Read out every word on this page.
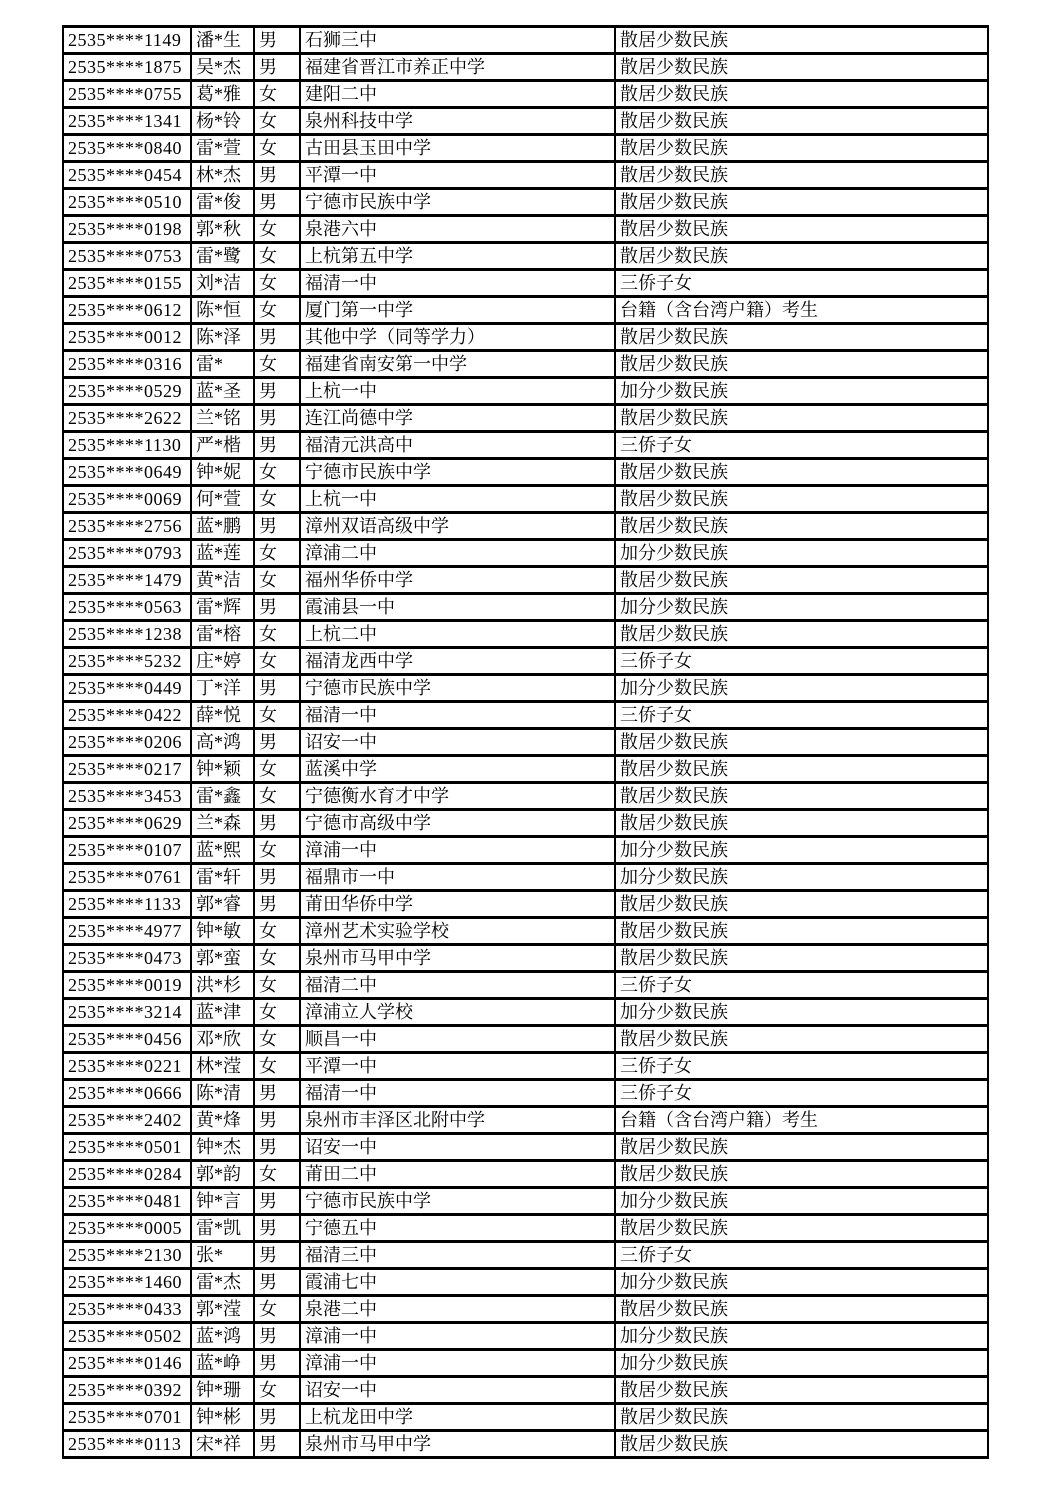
2535****1149	潘*生	男	石狮三中	散居少数民族
2535****1875	吴*杰	男	福建省晋江市养正中学	散居少数民族
2535****0755	葛*雅	女	建阳二中	散居少数民族
2535****1341	杨*铃	女	泉州科技中学	散居少数民族
2535****0840	雷*萱	女	古田县玉田中学	散居少数民族
2535****0454	林*杰	男	平潭一中	散居少数民族
2535****0510	雷*俊	男	宁德市民族中学	散居少数民族
2535****0198	郭*秋	女	泉港六中	散居少数民族
2535****0753	雷*鹭	女	上杭第五中学	散居少数民族
2535****0155	刘*洁	女	福清一中	三侨子女
2535****0612	陈*恒	女	厦门第一中学	台籍（含台湾户籍）考生
2535****0012	陈*泽	男	其他中学（同等学力）	散居少数民族
2535****0316	雷*	女	福建省南安第一中学	散居少数民族
2535****0529	蓝*圣	男	上杭一中	加分少数民族
2535****2622	兰*铭	男	连江尚德中学	散居少数民族
2535****1130	严*楷	男	福清元洪高中	三侨子女
2535****0649	钟*妮	女	宁德市民族中学	散居少数民族
2535****0069	何*萱	女	上杭一中	散居少数民族
2535****2756	蓝*鹏	男	漳州双语高级中学	散居少数民族
2535****0793	蓝*莲	女	漳浦二中	加分少数民族
2535****1479	黄*洁	女	福州华侨中学	散居少数民族
2535****0563	雷*辉	男	霞浦县一中	加分少数民族
2535****1238	雷*榕	女	上杭二中	散居少数民族
2535****5232	庄*婷	女	福清龙西中学	三侨子女
2535****0449	丁*洋	男	宁德市民族中学	加分少数民族
2535****0422	薛*悦	女	福清一中	三侨子女
2535****0206	高*鸿	男	诏安一中	散居少数民族
2535****0217	钟*颖	女	蓝溪中学	散居少数民族
2535****3453	雷*鑫	女	宁德衡水育才中学	散居少数民族
2535****0629	兰*森	男	宁德市高级中学	散居少数民族
2535****0107	蓝*熙	女	漳浦一中	加分少数民族
2535****0761	雷*轩	男	福鼎市一中	加分少数民族
2535****1133	郭*睿	男	莆田华侨中学	散居少数民族
2535****4977	钟*敏	女	漳州艺术实验学校	散居少数民族
2535****0473	郭*蛮	女	泉州市马甲中学	散居少数民族
2535****0019	洪*杉	女	福清二中	三侨子女
2535****3214	蓝*津	女	漳浦立人学校	加分少数民族
2535****0456	邓*欣	女	顺昌一中	散居少数民族
2535****0221	林*滢	女	平潭一中	三侨子女
2535****0666	陈*清	男	福清一中	三侨子女
2535****2402	黄*烽	男	泉州市丰泽区北附中学	台籍（含台湾户籍）考生
2535****0501	钟*杰	男	诏安一中	散居少数民族
2535****0284	郭*韵	女	莆田二中	散居少数民族
2535****0481	钟*言	男	宁德市民族中学	加分少数民族
2535****0005	雷*凯	男	宁德五中	散居少数民族
2535****2130	张*	男	福清三中	三侨子女
2535****1460	雷*杰	男	霞浦七中	加分少数民族
2535****0433	郭*滢	女	泉港二中	散居少数民族
2535****0502	蓝*鸿	男	漳浦一中	加分少数民族
2535****0146	蓝*峥	男	漳浦一中	加分少数民族
2535****0392	钟*珊	女	诏安一中	散居少数民族
2535****0701	钟*彬	男	上杭龙田中学	散居少数民族
2535****0113	宋*祥	男	泉州市马甲中学	散居少数民族
